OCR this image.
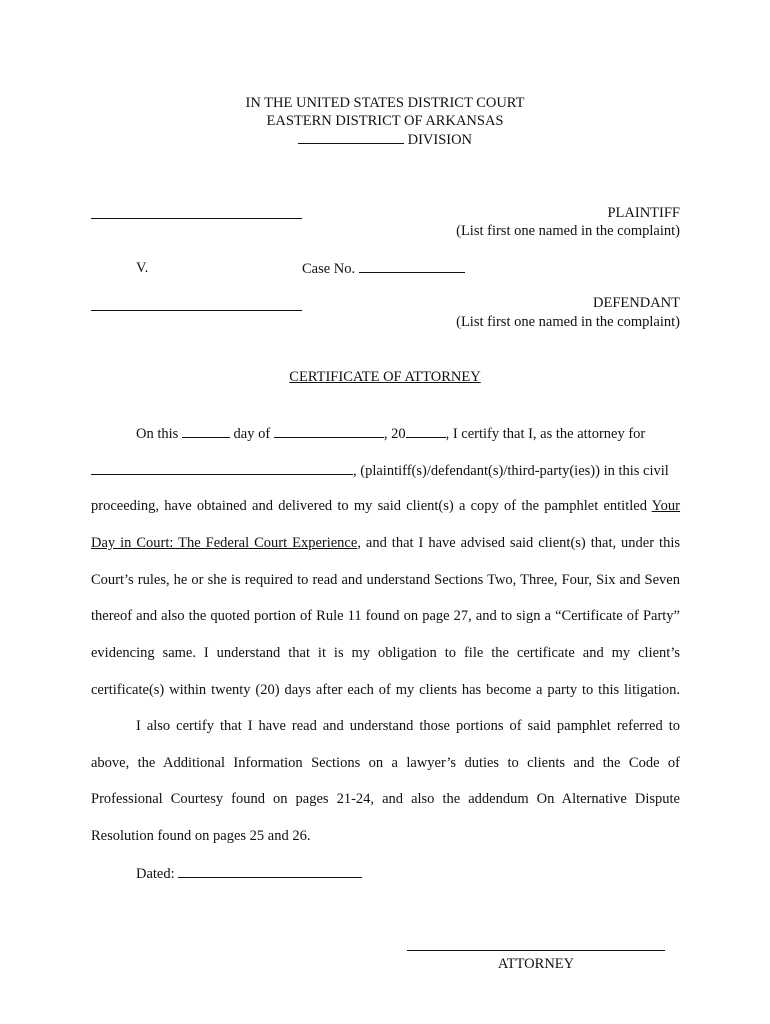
IN THE UNITED STATES DISTRICT COURT
EASTERN DISTRICT OF ARKANSAS
DIVISION
PLAINTIFF
(List first one named in the complaint)
V.	Case No.
DEFENDANT
(List first one named in the complaint)
CERTIFICATE OF ATTORNEY
On this	day of	, 20	, I certify that I, as the attorney for
, (plaintiff(s)/defendant(s)/third-party(ies)) in this civil
proceeding, have obtained and delivered to my said client(s) a copy of the pamphlet entitled Your
Day in Court: The Federal Court Experience, and that I have advised said client(s) that, under this
Court’s rules, he or she is required to read and understand Sections Two, Three, Four, Six and Seven
thereof and also the quoted portion of Rule 11 found on page 27, and to sign a “Certificate of Party”
evidencing same. I understand that it is my obligation to file the certificate and my client’s
certificate(s) within twenty (20) days after each of my clients has become a party to this litigation.
I also certify that I have read and understand those portions of said pamphlet referred to
above, the Additional Information Sections on a lawyer’s duties to clients and the Code of
Professional Courtesy found on pages 21-24, and also the addendum On Alternative Dispute
Resolution found on pages 25 and 26.
Dated:
ATTORNEY
